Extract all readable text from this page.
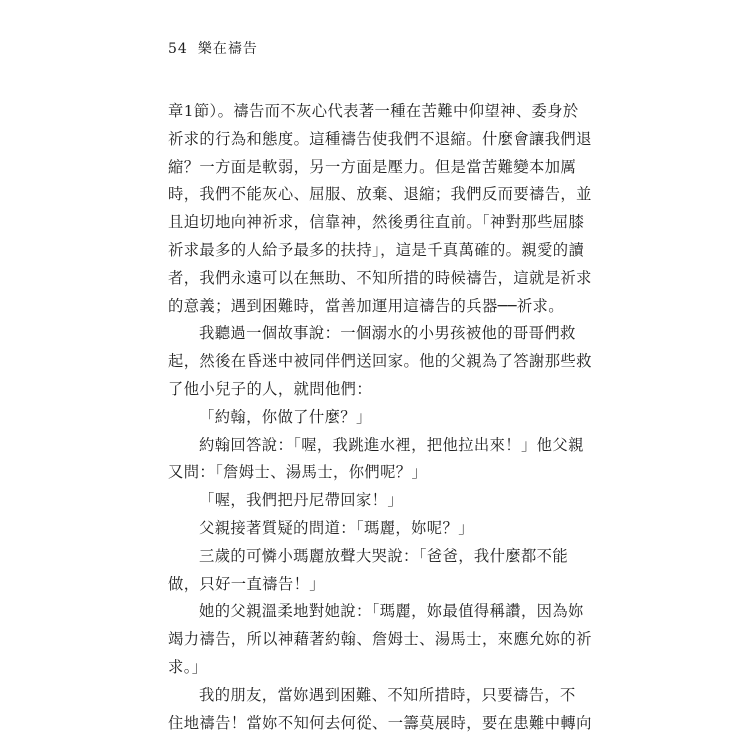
54 樂在禱告
章1節）。禱告而不灰心代表著一種在苦難中仰望神、委身於
祈求的行為和態度。這種禱告使我們不退縮。什麼會讓我們退
縮？一方面是軟弱，另一方面是壓力。但是當苦難變本加厲
時，我們不能灰心、屈服、放棄、退縮；我們反而要禱告，並
且迫切地向神祈求，信靠神，然後勇往直前。「神對那些屈膝
祈求最多的人給予最多的扶持」，這是千真萬確的。親愛的讀
者，我們永遠可以在無助、不知所措的時候禱告，這就是祈求
的意義；遇到困難時，當善加運用這禱告的兵器──祈求。
我聽過一個故事說：一個溺水的小男孩被他的哥哥們救
起，然後在昏迷中被同伴們送回家。他的父親為了答謝那些救
了他小兒子的人，就問他們：
「約翰，你做了什麼？」
約翰回答說：「喔，我跳進水裡，把他拉出來！」他父親
又問：「詹姆士、湯馬士，你們呢？」
「喔，我們把丹尼帶回家！」
父親接著質疑的問道：「瑪麗，妳呢？」
三歲的可憐小瑪麗放聲大哭說：「爸爸，我什麼都不能
做，只好一直禱告！」
她的父親溫柔地對她說：「瑪麗，妳最值得稱讚，因為妳
竭力禱告，所以神藉著約翰、詹姆士、湯馬士，來應允妳的祈
求。」
我的朋友，當妳遇到困難、不知所措時，只要禱告，不
住地禱告！當妳不知何去何從、一籌莫展時，要在患難中轉向
